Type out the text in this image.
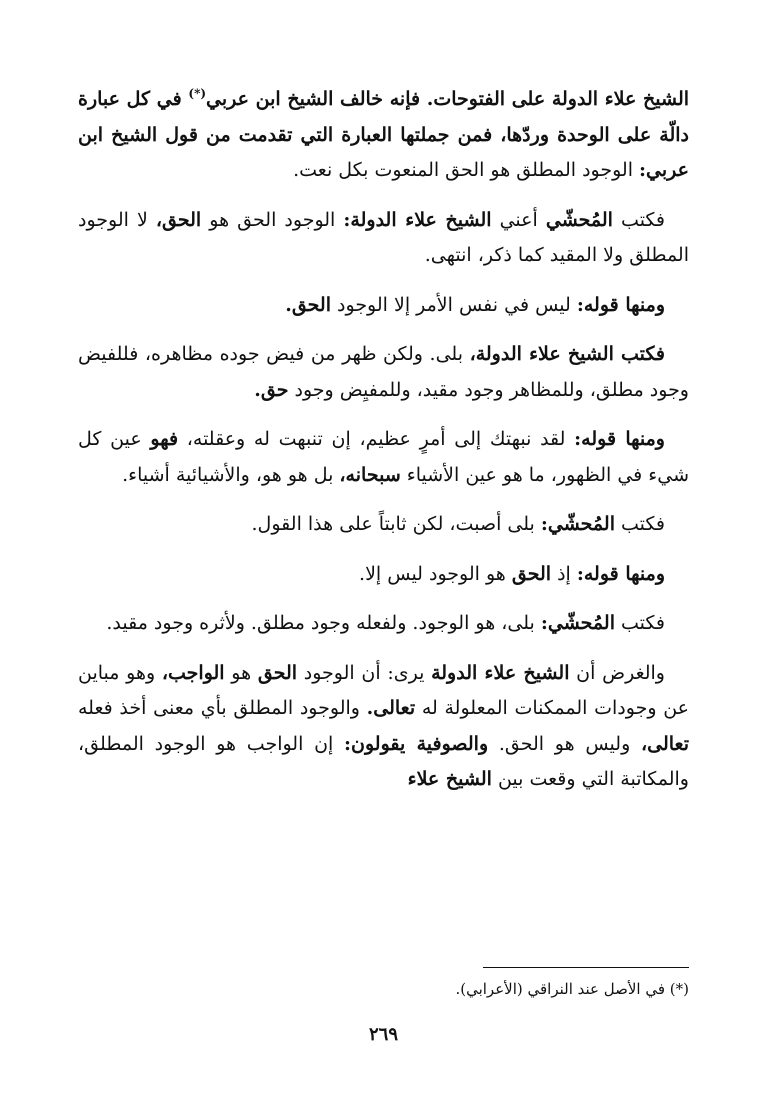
الشيخ علاء الدولة على الفتوحات. فإنه خالف الشيخ ابن عربي(*) في كل عبارة دالّة على الوحدة وردّها، فمن جملتها العبارة التي تقدمت من قول الشيخ ابن عربي: الوجود المطلق هو الحق المنعوت بكل نعت.

فكتب المُحشّي أعني الشيخ علاء الدولة: الوجود الحق هو الحق، لا الوجود المطلق ولا المقيد كما ذكر، انتهى.

ومنها قوله: ليس في نفس الأمر إلا الوجود الحق.

فكتب الشيخ علاء الدولة، بلى. ولكن ظهر من فيض جوده مظاهره، فللفيض وجود مطلق، وللمظاهر وجود مقيد، وللمفيِض وجود حق.

ومنها قوله: لقد نبهتك إلى أمرٍ عظيم، إن تنبهت له وعقلته، فهو عين كل شيء في الظهور، ما هو عين الأشياء سبحانه، بل هو هو، والأشيائية أشياء.

فكتب المُحشّي: بلى أصبت، لكن ثابتاً على هذا القول.

ومنها قوله: إذ الحق هو الوجود ليس إلا.

فكتب المُحشّي: بلى، هو الوجود. ولفعله وجود مطلق. ولأثره وجود مقيد.

والغرض أن الشيخ علاء الدولة يرى: أن الوجود الحق هو الواجب، وهو مباين عن وجودات الممكنات المعلولة له تعالى. والوجود المطلق بأي معنى أخذ فعله تعالى، وليس هو الحق. والصوفية يقولون: إن الواجب هو الوجود المطلق، والمكاتبة التي وقعت بين الشيخ علاء

(*) في الأصل عند النراقي (الأعرابي).
٢٦٩
